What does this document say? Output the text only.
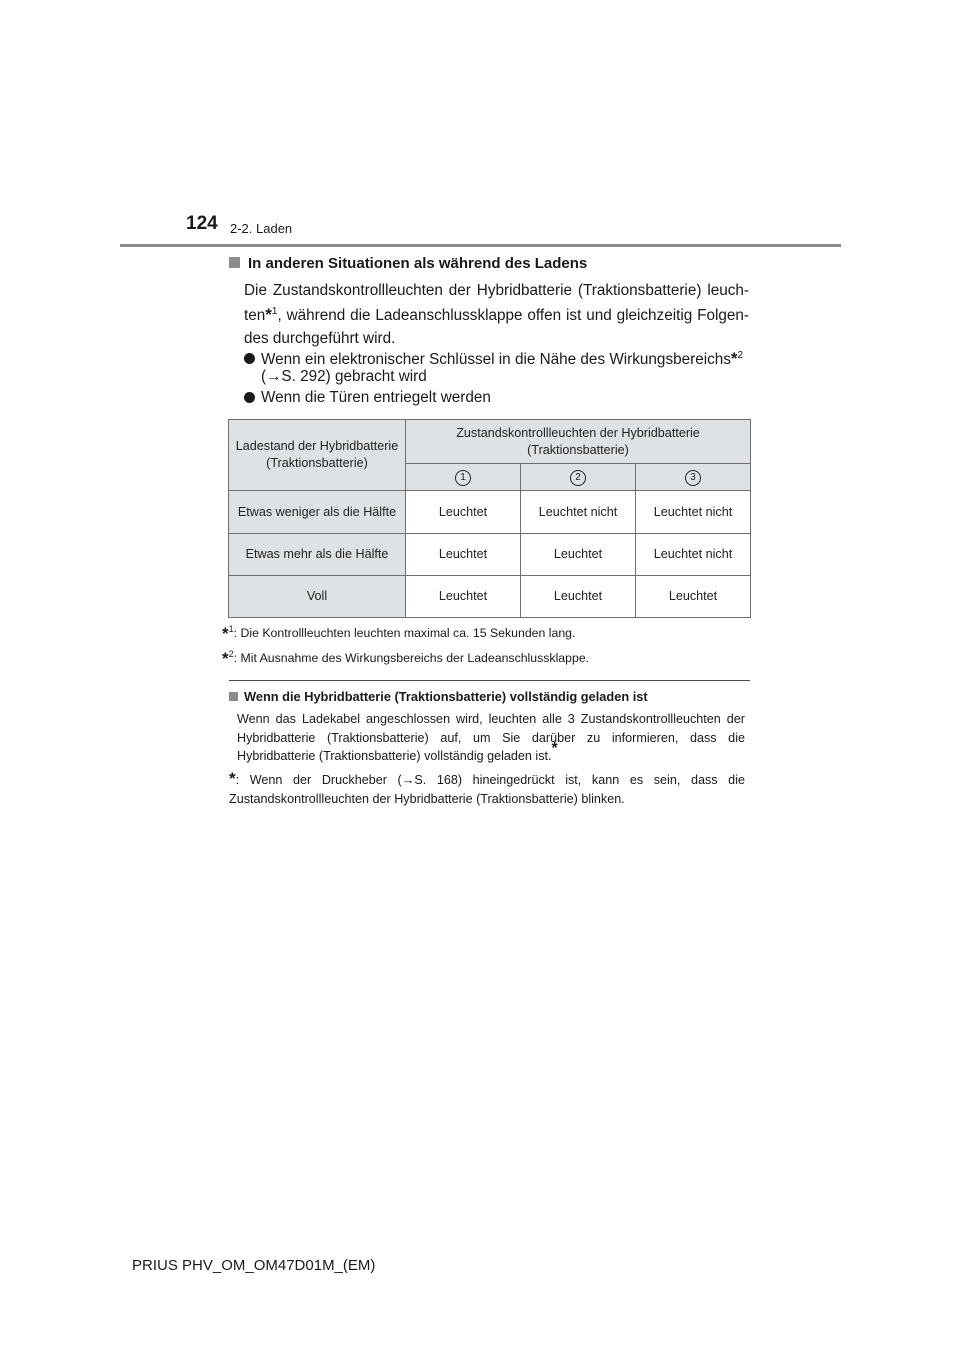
124 2-2. Laden
In anderen Situationen als während des Ladens
Die Zustandskontrollleuchten der Hybridbatterie (Traktionsbatterie) leuch-ten*$^1$, während die Ladeanschlussklappe offen ist und gleichzeitig Folgen-des durchgeführt wird.
Wenn ein elektronischer Schlüssel in die Nähe des Wirkungsbereichs*$^2$
(→S. 292) gebracht wird
Wenn die Türen entriegelt werden
Ladestand der Hybridbatterie (Traktionsbatterie)	Zustandskontrollleuchten der Hybridbatterie (Traktionsbatterie)		
	1	2	3
Etwas weniger als die Hälfte	Leuchtet	Leuchtet nicht	Leuchtet nicht
Etwas mehr als die Hälfte	Leuchtet	Leuchtet	Leuchtet nicht
Voll	Leuchtet	Leuchtet	Leuchtet
*$^1$: Die Kontrollleuchten leuchten maximal ca. 15 Sekunden lang.
*$^2$: Mit Ausnahme des Wirkungsbereichs der Ladeanschlussklappe.
Wenn die Hybridbatterie (Traktionsbatterie) vollständig geladen ist
Wenn das Ladekabel angeschlossen wird, leuchten alle 3 Zustandskontrollleuchten der Hybridbatterie (Traktionsbatterie) auf, um Sie darüber zu informieren, dass die Hybridbatterie (Traktionsbatterie) vollständig geladen ist.*
*: Wenn der Druckheber (→S. 168) hineingedrückt ist, kann es sein, dass die Zustandskontrollleuchten der Hybridbatterie (Traktionsbatterie) blinken.
PRIUS PHV_OM_OM47D01M_(EM)
